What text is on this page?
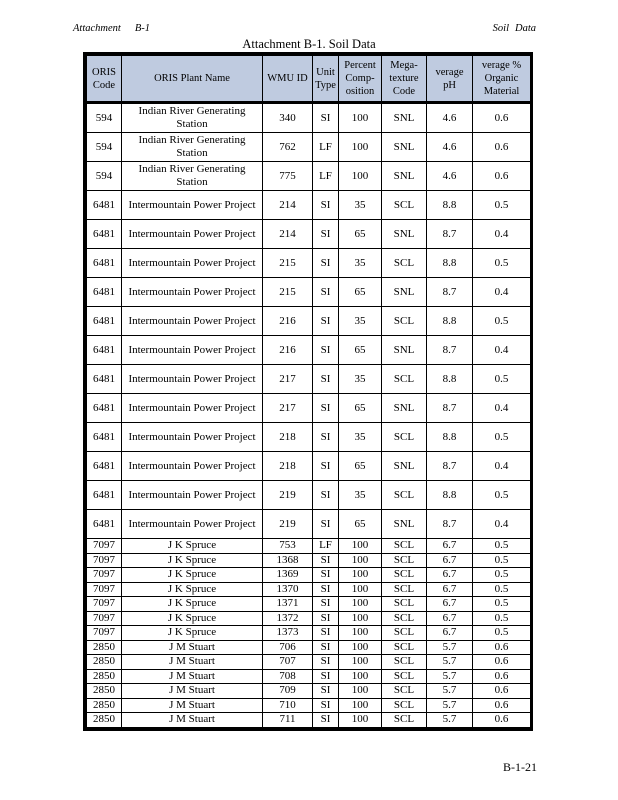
Attachment B-1	Soil Data
Attachment B-1. Soil Data
ORIS Code	ORIS Plant Name	WMU ID	Unit Type	Percent Comp-osition	Mega-texture Code	verage pH	verage % Organic Material
594	Indian River Generating Station	340	SI	100	SNL	4.6	0.6
594	Indian River Generating Station	762	LF	100	SNL	4.6	0.6
594	Indian River Generating Station	775	LF	100	SNL	4.6	0.6
6481	Intermountain Power Project	214	SI	35	SCL	8.8	0.5
6481	Intermountain Power Project	214	SI	65	SNL	8.7	0.4
6481	Intermountain Power Project	215	SI	35	SCL	8.8	0.5
6481	Intermountain Power Project	215	SI	65	SNL	8.7	0.4
6481	Intermountain Power Project	216	SI	35	SCL	8.8	0.5
6481	Intermountain Power Project	216	SI	65	SNL	8.7	0.4
6481	Intermountain Power Project	217	SI	35	SCL	8.8	0.5
6481	Intermountain Power Project	217	SI	65	SNL	8.7	0.4
6481	Intermountain Power Project	218	SI	35	SCL	8.8	0.5
6481	Intermountain Power Project	218	SI	65	SNL	8.7	0.4
6481	Intermountain Power Project	219	SI	35	SCL	8.8	0.5
6481	Intermountain Power Project	219	SI	65	SNL	8.7	0.4
7097	J K Spruce	753	LF	100	SCL	6.7	0.5
7097	J K Spruce	1368	SI	100	SCL	6.7	0.5
7097	J K Spruce	1369	SI	100	SCL	6.7	0.5
7097	J K Spruce	1370	SI	100	SCL	6.7	0.5
7097	J K Spruce	1371	SI	100	SCL	6.7	0.5
7097	J K Spruce	1372	SI	100	SCL	6.7	0.5
7097	J K Spruce	1373	SI	100	SCL	6.7	0.5
2850	J M Stuart	706	SI	100	SCL	5.7	0.6
2850	J M Stuart	707	SI	100	SCL	5.7	0.6
2850	J M Stuart	708	SI	100	SCL	5.7	0.6
2850	J M Stuart	709	SI	100	SCL	5.7	0.6
2850	J M Stuart	710	SI	100	SCL	5.7	0.6
2850	J M Stuart	711	SI	100	SCL	5.7	0.6
B-1-21
